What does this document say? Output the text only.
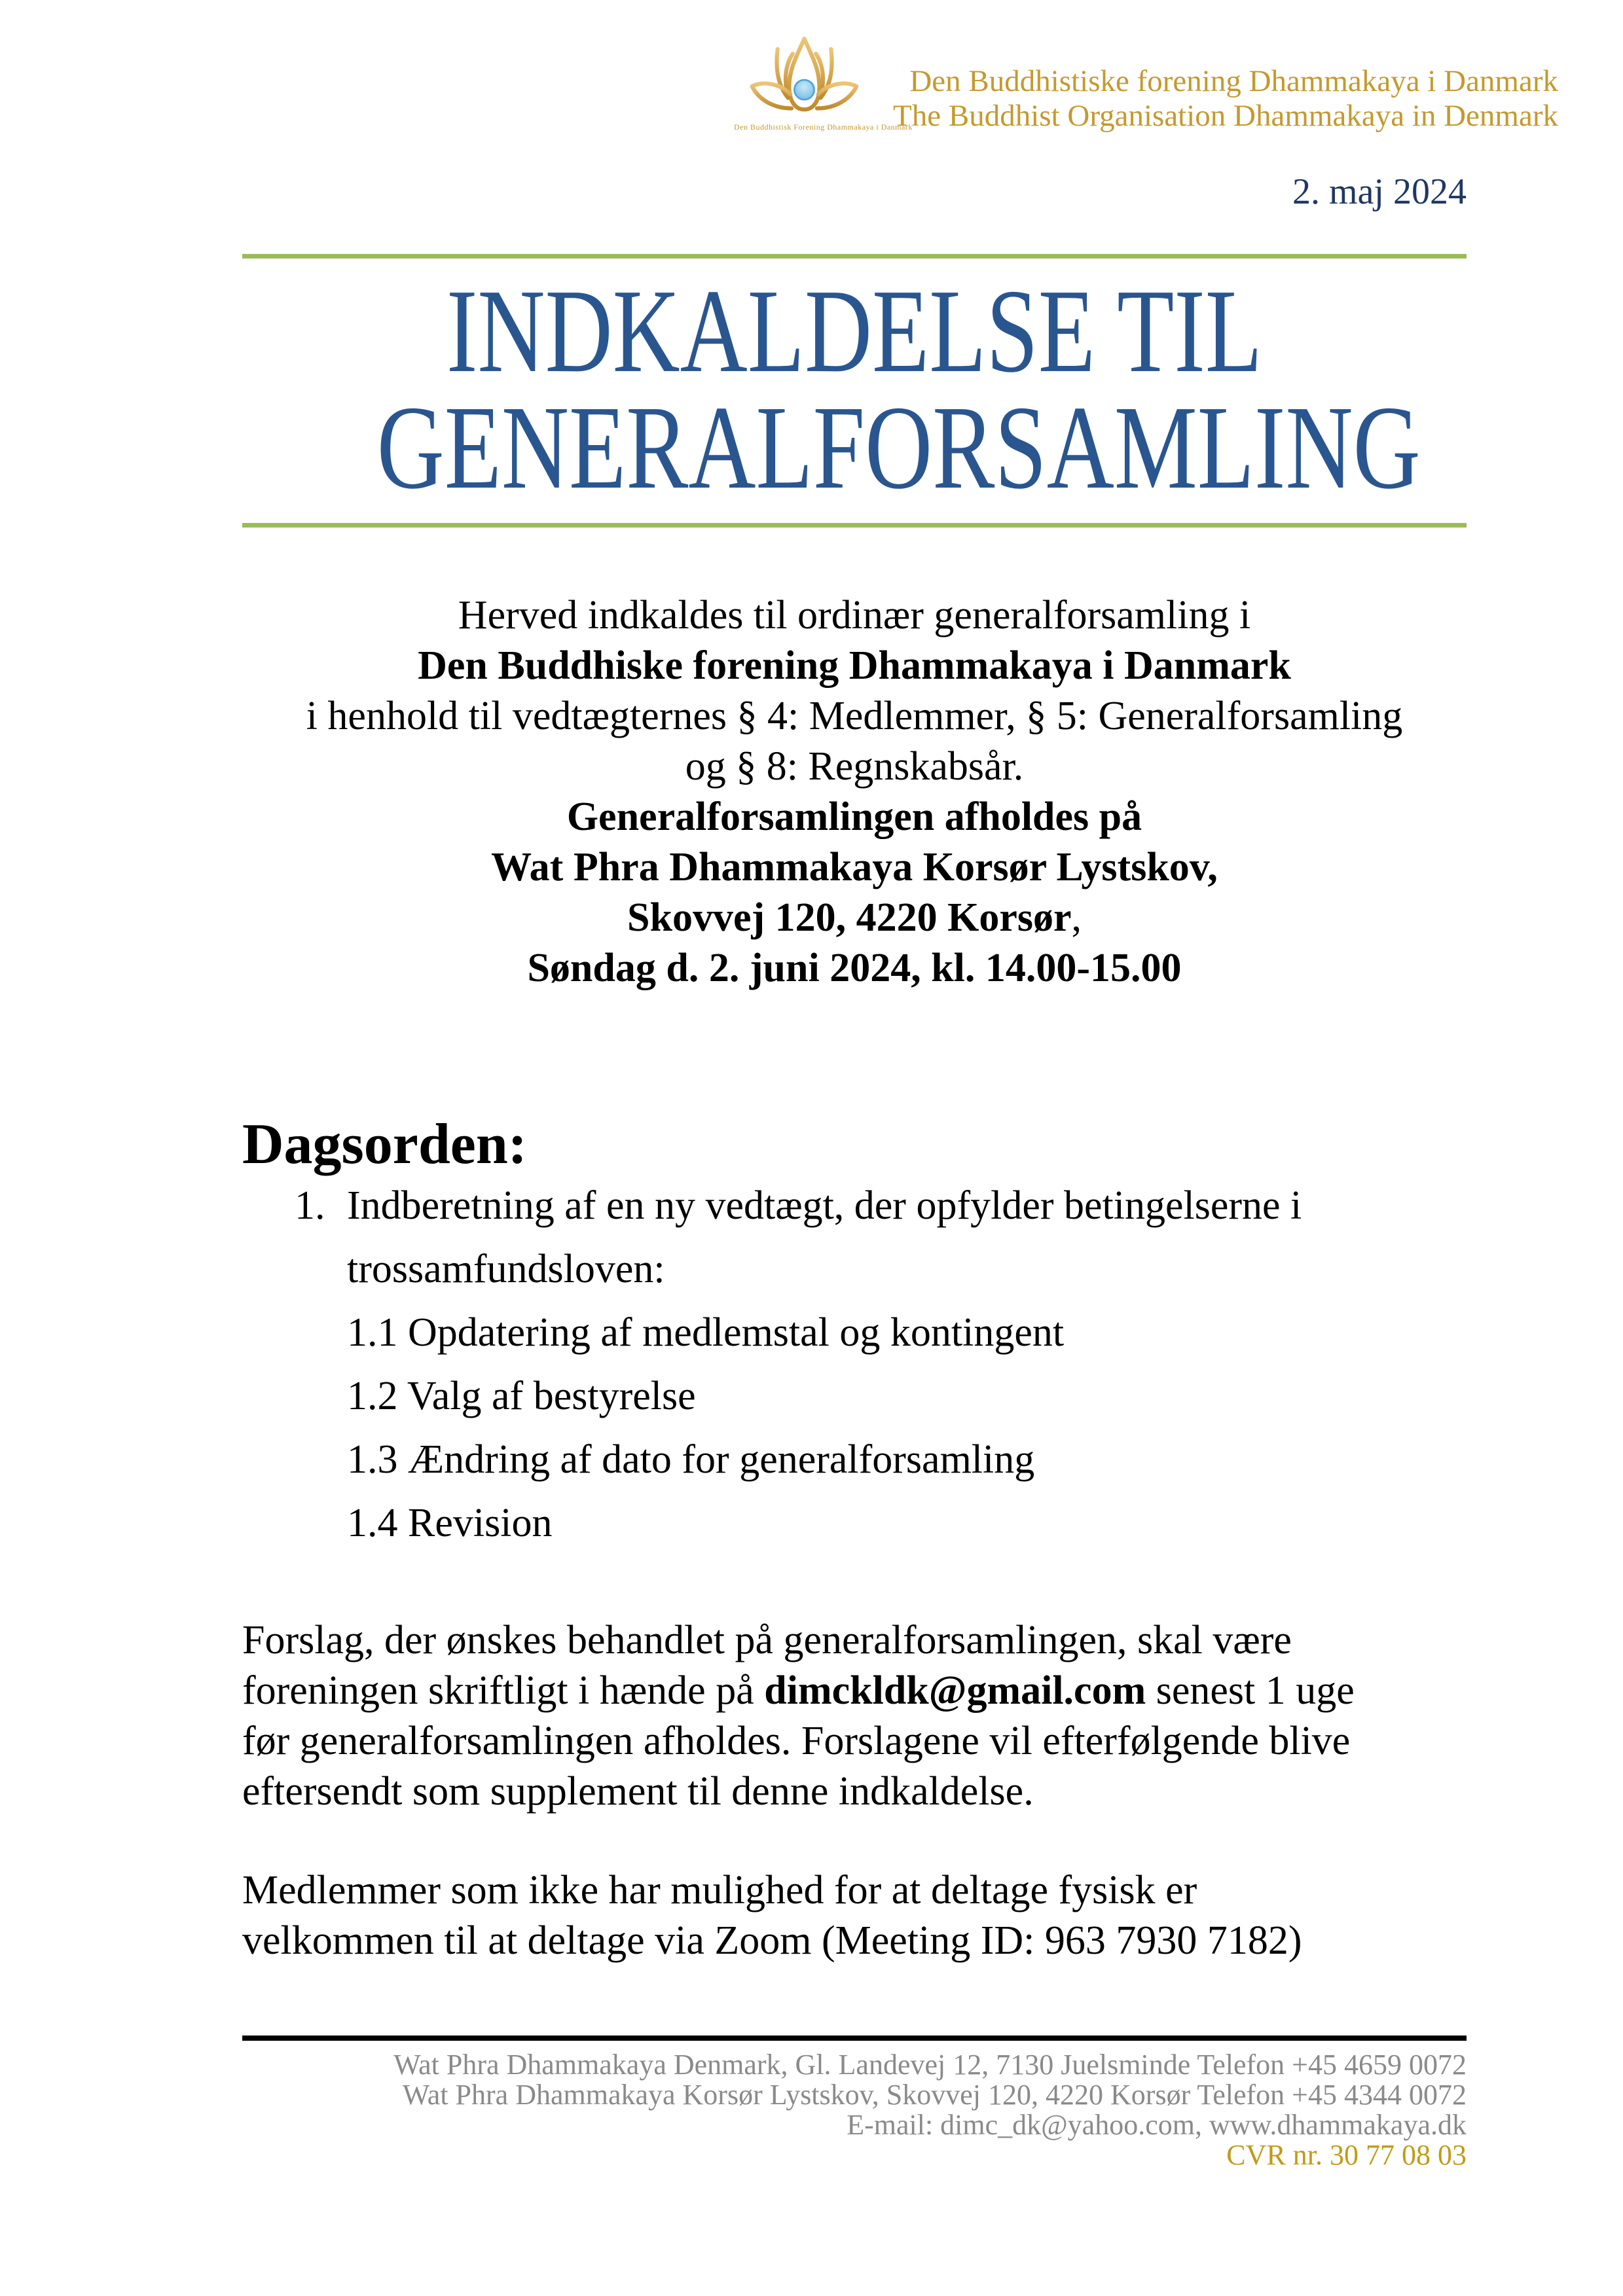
Den Buddhistisk Forening Dhammakaya i Danmark
Den Buddhistiske forening Dhammakaya i Danmark
The Buddhist Organisation Dhammakaya in Denmark
2. maj 2024
INDKALDELSE TIL
GENERALFORSAMLING
Herved indkaldes til ordinær generalforsamling i
Den Buddhiske forening Dhammakaya i Danmark
i henhold til vedtægternes § 4: Medlemmer, § 5: Generalforsamling
og § 8: Regnskabsår.
Generalforsamlingen afholdes på
Wat Phra Dhammakaya Korsør Lystskov,
Skovvej 120, 4220 Korsør,
Søndag d. 2. juni 2024, kl. 14.00-15.00
Dagsorden:
1. Indberetning af en ny vedtægt, der opfylder betingelserne i
trossamfundsloven:
1.1 Opdatering af medlemstal og kontingent
1.2 Valg af bestyrelse
1.3 Ændring af dato for generalforsamling
1.4 Revision
Forslag, der ønskes behandlet på generalforsamlingen, skal være
foreningen skriftligt i hænde på dimckldk@gmail.com senest 1 uge
før generalforsamlingen afholdes. Forslagene vil efterfølgende blive
eftersendt som supplement til denne indkaldelse.
Medlemmer som ikke har mulighed for at deltage fysisk er
velkommen til at deltage via Zoom (Meeting ID: 963 7930 7182)
Wat Phra Dhammakaya Denmark, Gl. Landevej 12, 7130 Juelsminde Telefon +45 4659 0072
Wat Phra Dhammakaya Korsør Lystskov, Skovvej 120, 4220 Korsør Telefon +45 4344 0072
E-mail: dimc_dk@yahoo.com, www.dhammakaya.dk
CVR nr. 30 77 08 03
